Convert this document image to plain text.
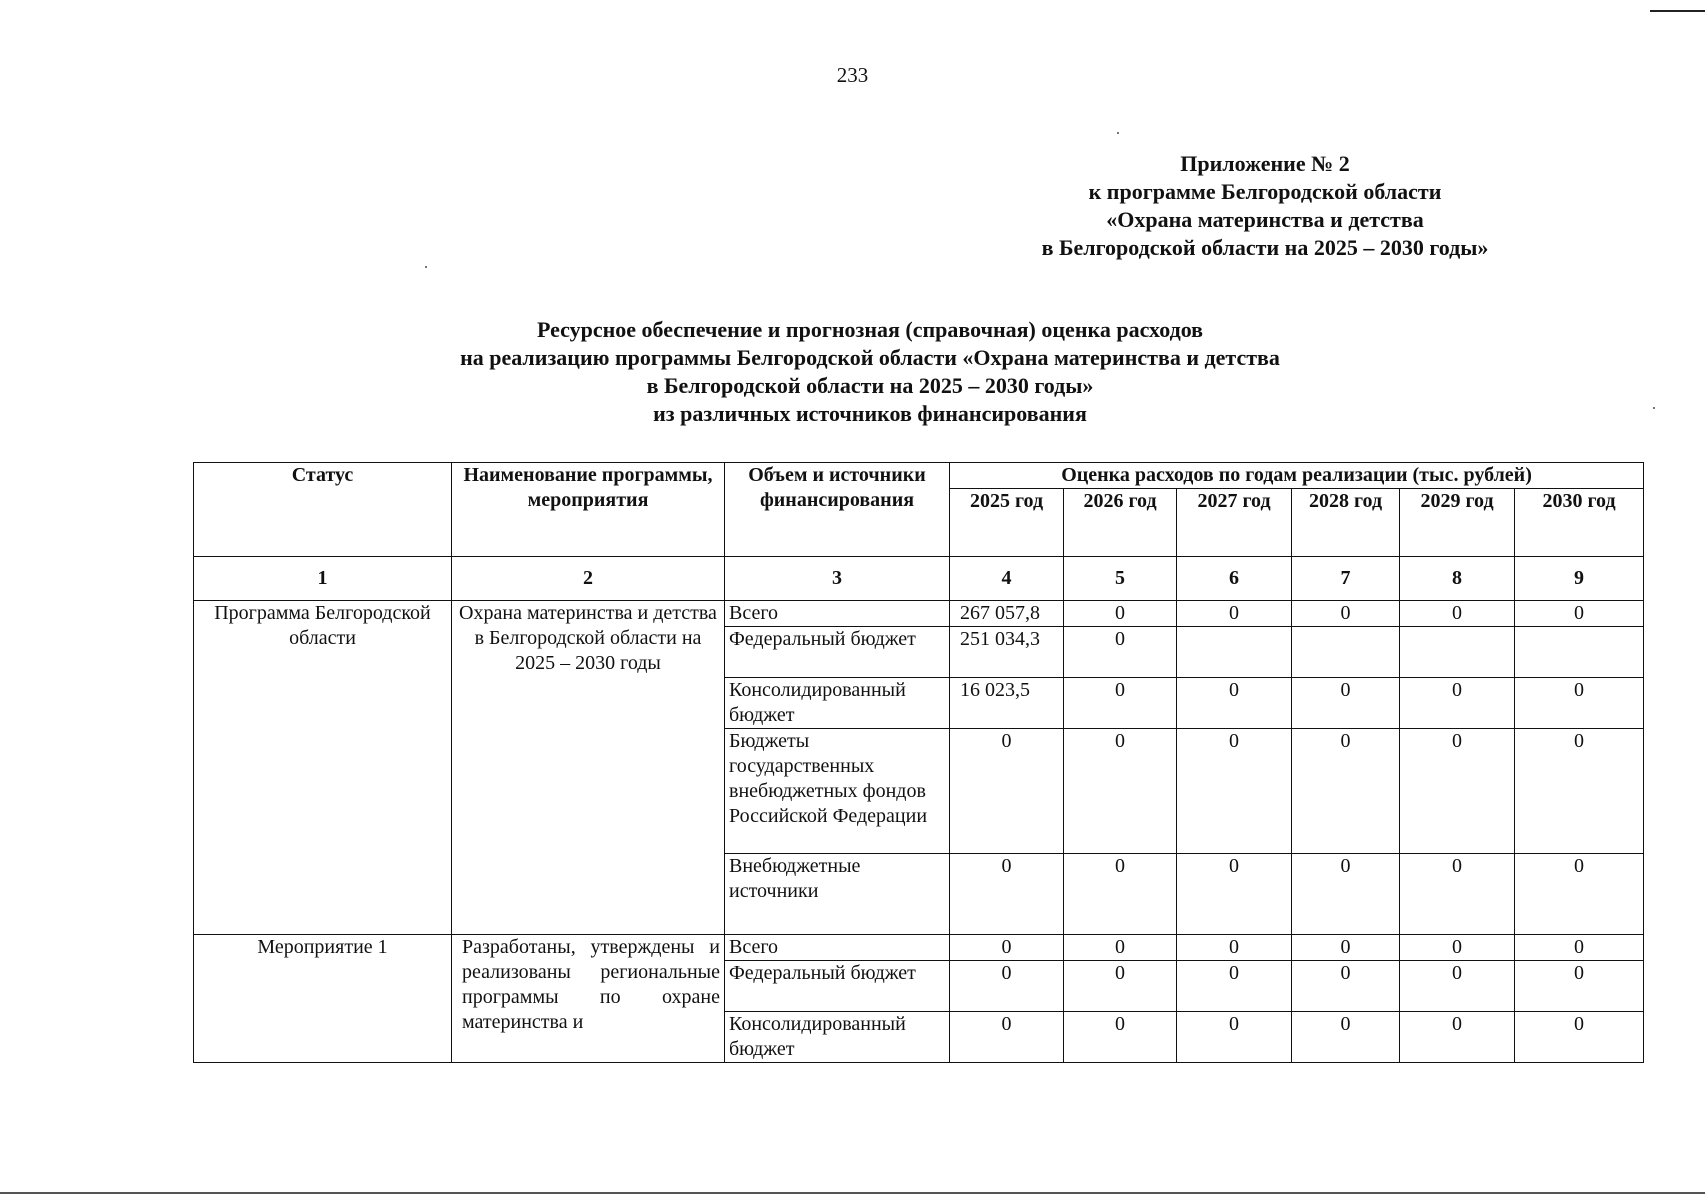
233
Приложение № 2
к программе Белгородской области
«Охрана материнства и детства
в Белгородской области на 2025 – 2030 годы»
Ресурсное обеспечение и прогнозная (справочная) оценка расходов
на реализацию программы Белгородской области «Охрана материнства и детства
в Белгородской области на 2025 – 2030 годы»
из различных источников финансирования
Статус	Наименование программы, мероприятия	Объем и источники финансирования	Оценка расходов по годам реализации (тыс. рублей)					
			2025 год	2026 год	2027 год	2028 год	2029 год	2030 год
1	2	3	4	5	6	7	8	9
Программа Белгородской области	Охрана материнства и детства в Белгородской области на 2025 – 2030 годы	Всего	267 057,8	0	0	0	0	0
		Федеральный бюджет	251 034,3	0				
		Консолидированный бюджет	16 023,5	0	0	0	0	0
		Бюджеты государственных внебюджетных фондов Российской Федерации	0	0	0	0	0	0
		Внебюджетные источники	0	0	0	0	0	0
Мероприятие 1	Разработаны, утверждены и реализованы региональные программы по охране материнства и	Всего	0	0	0	0	0	0
		Федеральный бюджет	0	0	0	0	0	0
		Консолидированный бюджет	0	0	0	0	0	0
